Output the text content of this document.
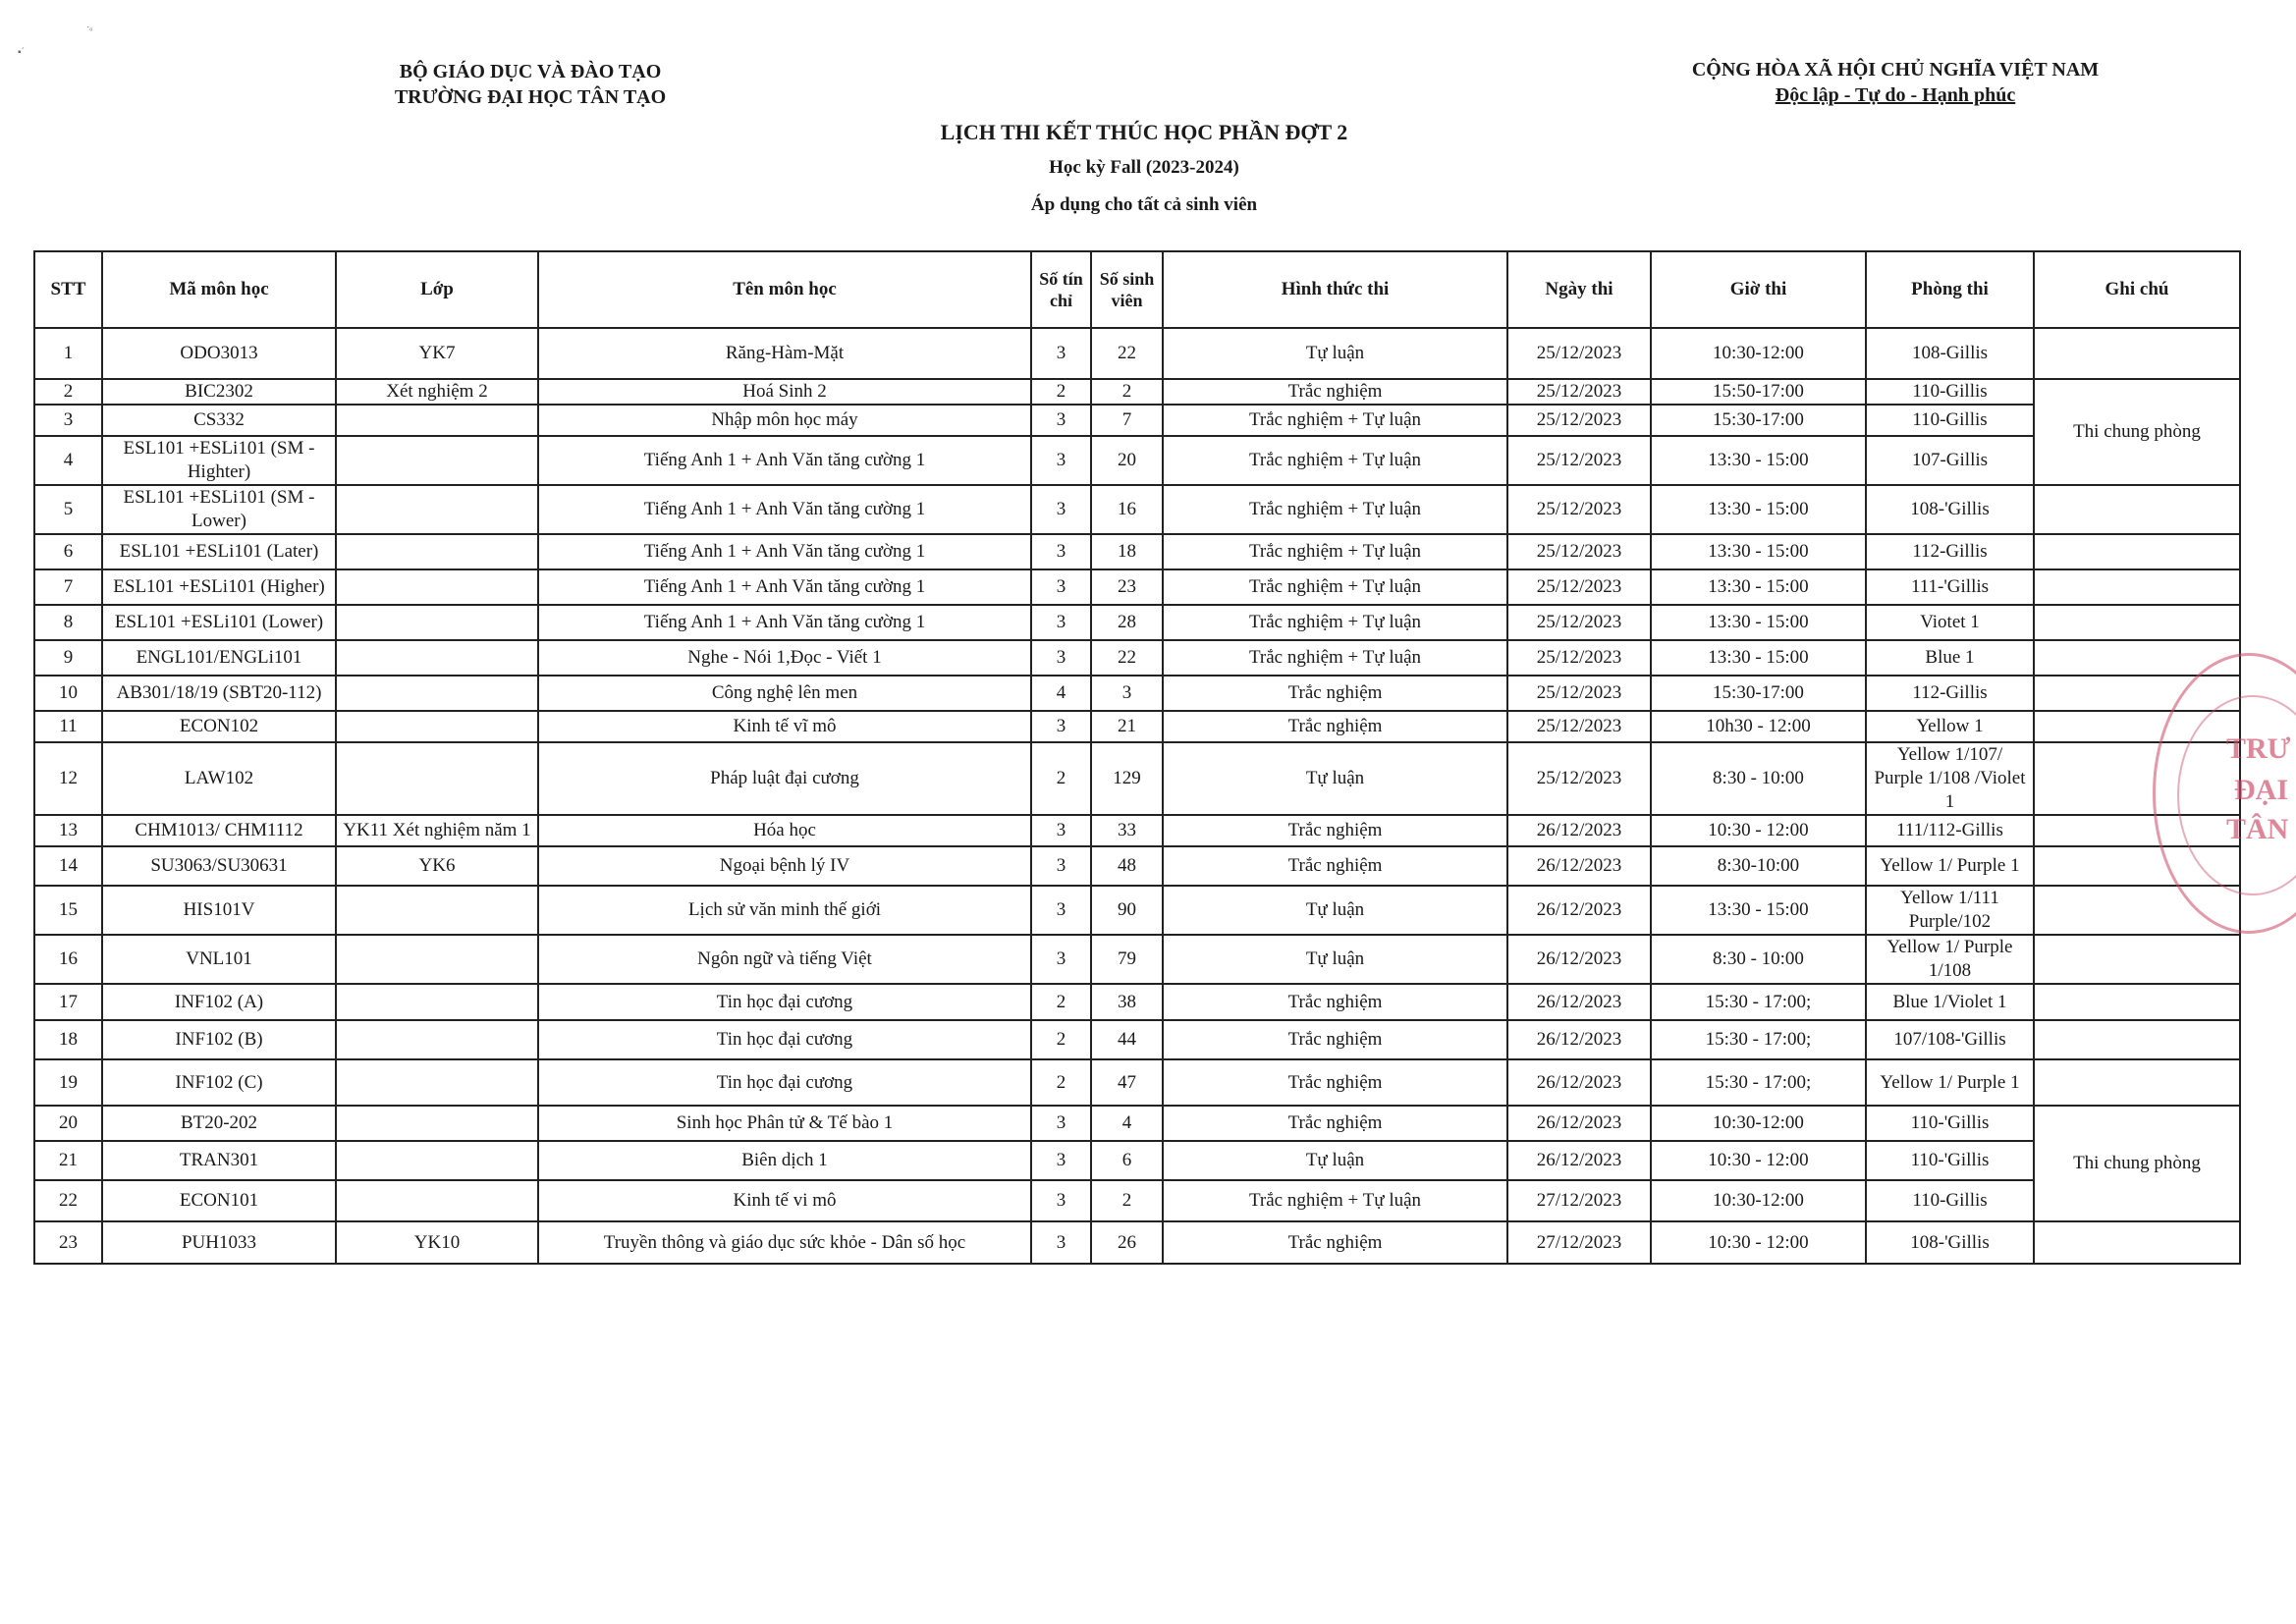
▪ˊ
˙ᵒ
BỘ GIÁO DỤC VÀ ĐÀO TẠO
TRƯỜNG ĐẠI HỌC TÂN TẠO
CỘNG HÒA XÃ HỘI CHỦ NGHĨA VIỆT NAM
Độc lập - Tự do - Hạnh phúc
LỊCH THI KẾT THÚC HỌC PHẦN ĐỢT 2
Học kỳ Fall (2023-2024)
Áp dụng cho tất cả sinh viên
STT	Mã môn học	Lớp	Tên môn học	Số tín chỉ	Số sinh viên	Hình thức thi	Ngày thi	Giờ thi	Phòng thi	Ghi chú
1	ODO3013	YK7	Răng-Hàm-Mặt	3	22	Tự luận	25/12/2023	10:30-12:00	108-Gillis	
2	BIC2302	Xét nghiệm 2	Hoá Sinh 2	2	2	Trắc nghiệm	25/12/2023	15:50-17:00	110-Gillis	Thi chung phòng
3	CS332		Nhập môn học máy	3	7	Trắc nghiệm + Tự luận	25/12/2023	15:30-17:00	110-Gillis	
4	ESL101 +ESLi101 (SM - Highter)		Tiếng Anh 1 + Anh Văn tăng cường 1	3	20	Trắc nghiệm + Tự luận	25/12/2023	13:30 - 15:00	107-Gillis	
5	ESL101 +ESLi101 (SM - Lower)		Tiếng Anh 1 + Anh Văn tăng cường 1	3	16	Trắc nghiệm + Tự luận	25/12/2023	13:30 - 15:00	108-'Gillis	
6	ESL101 +ESLi101 (Later)		Tiếng Anh 1 + Anh Văn tăng cường 1	3	18	Trắc nghiệm + Tự luận	25/12/2023	13:30 - 15:00	112-Gillis	
7	ESL101 +ESLi101 (Higher)		Tiếng Anh 1 + Anh Văn tăng cường 1	3	23	Trắc nghiệm + Tự luận	25/12/2023	13:30 - 15:00	111-'Gillis	
8	ESL101 +ESLi101 (Lower)		Tiếng Anh 1 + Anh Văn tăng cường 1	3	28	Trắc nghiệm + Tự luận	25/12/2023	13:30 - 15:00	Viotet 1	
9	ENGL101/ENGLi101		Nghe - Nói 1,Đọc - Viết 1	3	22	Trắc nghiệm + Tự luận	25/12/2023	13:30 - 15:00	Blue 1	
10	AB301/18/19 (SBT20-112)		Công nghệ lên men	4	3	Trắc nghiệm	25/12/2023	15:30-17:00	112-Gillis	
11	ECON102		Kinh tế vĩ mô	3	21	Trắc nghiệm	25/12/2023	10h30 - 12:00	Yellow 1	
12	LAW102		Pháp luật đại cương	2	129	Tự luận	25/12/2023	8:30 - 10:00	Yellow 1/107/ Purple 1/108 /Violet 1	
13	CHM1013/ CHM1112	YK11 Xét nghiệm năm 1	Hóa học	3	33	Trắc nghiệm	26/12/2023	10:30 - 12:00	111/112-Gillis	
14	SU3063/SU30631	YK6	Ngoại bệnh lý IV	3	48	Trắc nghiệm	26/12/2023	8:30-10:00	Yellow 1/ Purple 1	
15	HIS101V		Lịch sử văn minh thế giới	3	90	Tự luận	26/12/2023	13:30 - 15:00	Yellow 1/111 Purple/102	
16	VNL101		Ngôn ngữ và tiếng Việt	3	79	Tự luận	26/12/2023	8:30 - 10:00	Yellow 1/ Purple 1/108	
17	INF102 (A)		Tin học đại cương	2	38	Trắc nghiệm	26/12/2023	15:30 - 17:00;	Blue 1/Violet 1	
18	INF102 (B)		Tin học đại cương	2	44	Trắc nghiệm	26/12/2023	15:30 - 17:00;	107/108-'Gillis	
19	INF102 (C)		Tin học đại cương	2	47	Trắc nghiệm	26/12/2023	15:30 - 17:00;	Yellow 1/ Purple 1	
20	BT20-202		Sinh học Phân tử & Tế bào 1	3	4	Trắc nghiệm	26/12/2023	10:30-12:00	110-'Gillis	Thi chung phòng
21	TRAN301		Biên dịch 1	3	6	Tự luận	26/12/2023	10:30 - 12:00	110-'Gillis	
22	ECON101		Kinh tế vi mô	3	2	Trắc nghiệm + Tự luận	27/12/2023	10:30-12:00	110-Gillis	
23	PUH1033	YK10	Truyền thông và giáo dục sức khỏe - Dân số học	3	26	Trắc nghiệm	27/12/2023	10:30 - 12:00	108-'Gillis	
TRƯ
ĐẠI
TÂN
